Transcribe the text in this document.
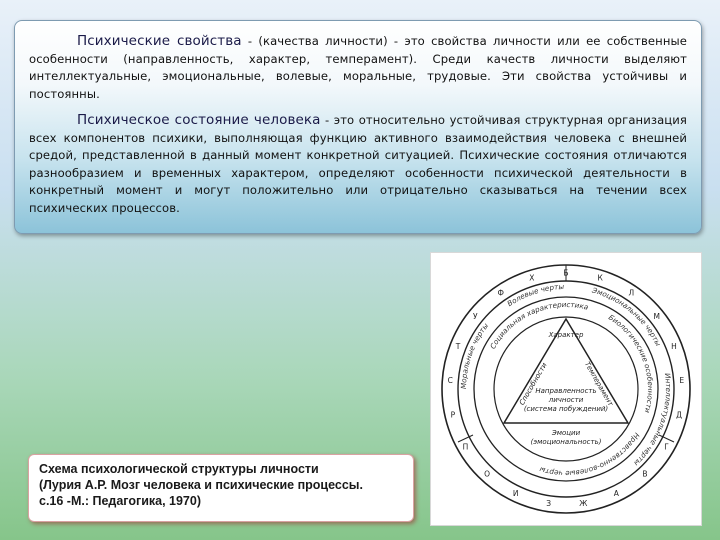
Психические свойства - (качества личности) - это свойства личности или ее собственные особенности (направленность, характер, темперамент). Среди качеств личности выделяют интеллектуальные, эмоциональные, волевые, моральные, трудовые. Эти свойства устойчивы и постоянны.

Психическое состояние человека - это относительно устойчивая структурная организация всех компонентов психики, выполняющая функцию активного взаимодействия человека с внешней средой, представленной в данный момент конкретной ситуацией. Психические состояния отличаются разнообразием и временных характером, определяют особенности психической деятельности в конкретный момент и могут положительно или отрицательно сказываться на течении всех психических процессов.

Моральные чертыВолевые черты	Эмоциональные чертыИнтеллектуальные черты
Социальная характеристикаБиологические особенности Нравственно-волевые черты
Характер
Способности	Темперамент
Направленность
личности
(система побуждений)
Эмоции
(эмоциональность)
Б
К
Л
М
Н
Е
Д
Г
В
А
Ж
З
И
О
П
Р
С
Т
У
Ф
Х
Схема психологической структуры личности
(Лурия А.Р. Мозг человека и психические процессы.
с.16 -М.: Педагогика, 1970)
